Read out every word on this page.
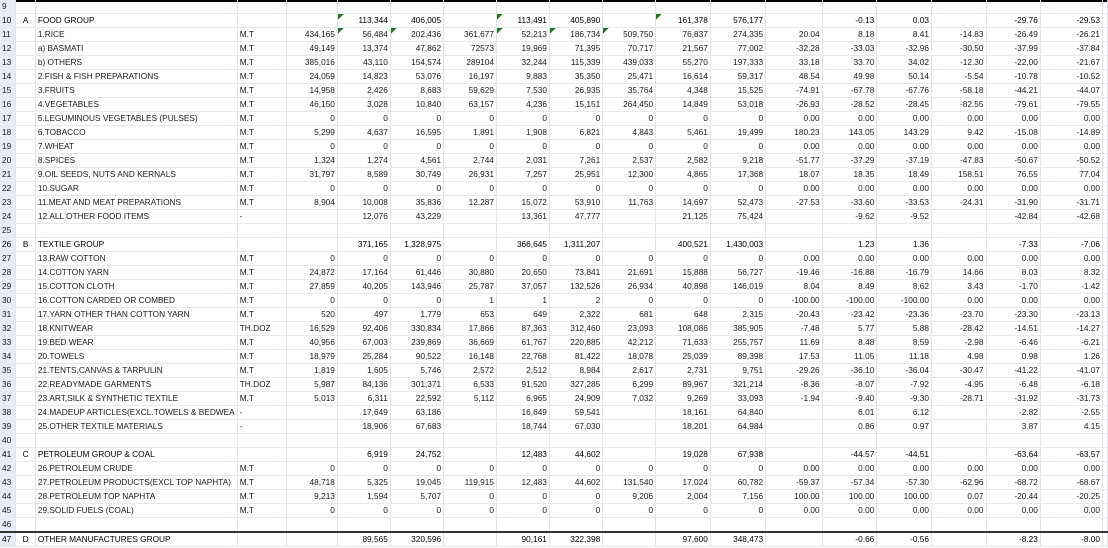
9																			
10	A	FOOD GROUP			113,344	406,005		113,491	405,890		161,378	576,177		-0.13	0.03		-29.76	-29.53	
11		1.RICE	M.T	434,165	56,484	202,436	361,677	52,213	186,734	509,750	76,837	274,335	20.04	8.18	8.41	-14.83	-26.49	-26.21	
12		a) BASMATI	M.T	49,149	13,374	47,862	72573	19,969	71,395	70,717	21,567	77,002	-32.28	-33.03	-32.96	-30.50	-37.99	-37.84	
13		b) OTHERS	M.T	385,016	43,110	154,574	289104	32,244	115,339	439,033	55,270	197,333	33.18	33.70	34.02	-12.30	-22.00	-21.67	
14		2.FISH & FISH PREPARATIONS	M.T	24,059	14,823	53,076	16,197	9,883	35,350	25,471	16,614	59,317	48.54	49.98	50.14	-5.54	-10.78	-10.52	
15		3.FRUITS	M.T	14,958	2,426	8,683	59,629	7,530	26,935	35,764	4,348	15,525	-74.91	-67.78	-67.76	-58.18	-44.21	-44.07	
16		4.VEGETABLES	M.T	46,150	3,028	10,840	63,157	4,236	15,151	264,450	14,849	53,018	-26.93	-28.52	-28.45	-82.55	-79.61	-79.55	
17		5.LEGUMINOUS VEGETABLES (PULSES)	M.T	0	0	0	0	0	0	0	0	0	0.00	0.00	0.00	0.00	0.00	0.00	
18		6.TOBACCO	M.T	5,299	4,637	16,595	1,891	1,908	6,821	4,843	5,461	19,499	180.23	143.05	143.29	9.42	-15.08	-14.89	
19		7.WHEAT	M.T	0	0	0	0	0	0	0	0	0	0.00	0.00	0.00	0.00	0.00	0.00	
20		8.SPICES	M.T	1,324	1,274	4,561	2,744	2,031	7,261	2,537	2,582	9,218	-51.77	-37.29	-37.19	-47.83	-50.67	-50.52	
21		9.OIL SEEDS, NUTS AND KERNALS	M.T	31,797	8,589	30,749	26,931	7,257	25,951	12,300	4,865	17,368	18.07	18.35	18.49	158.51	76.55	77.04	
22		10.SUGAR	M.T	0	0	0	0	0	0	0	0	0	0.00	0.00	0.00	0.00	0.00	0.00	
23		11.MEAT AND MEAT PREPARATIONS	M.T	8,904	10,008	35,836	12,287	15,072	53,910	11,763	14,697	52,473	-27.53	-33.60	-33.53	-24.31	-31.90	-31.71	
24		12.ALL OTHER FOOD ITEMS	-		12,076	43,229		13,361	47,777		21,125	75,424		-9.62	-9.52		-42.84	-42.68	
25																			
26	B	TEXTILE GROUP			371,165	1,328,975		366,645	1,311,207		400,521	1,430,003		1.23	1.36		-7.33	-7.06	
27		13.RAW COTTON	M.T	0	0	0	0	0	0	0	0	0	0.00	0.00	0.00	0.00	0.00	0.00	
28		14.COTTON YARN	M.T	24,872	17,164	61,446	30,880	20,650	73,841	21,691	15,888	56,727	-19.46	-16.88	-16.79	14.66	8.03	8.32	
29		15.COTTON CLOTH	M.T	27,859	40,205	143,946	25,787	37,057	132,526	26,934	40,898	146,019	8.04	8.49	8.62	3.43	-1.70	-1.42	
30		16.COTTON CARDED OR COMBED	M.T	0	0	0	1	1	2	0	0	0	-100.00	-100.00	-100.00	0.00	0.00	0.00	
31		17.YARN OTHER THAN COTTON YARN	M.T	520	497	1,779	653	649	2,322	681	648	2,315	-20.43	-23.42	-23.36	-23.70	-23.30	-23.13	
32		18.KNITWEAR	TH.DOZ	16,529	92,406	330,834	17,866	87,363	312,460	23,093	108,086	385,905	-7.48	5.77	5.88	-28.42	-14.51	-14.27	
33		19.BED WEAR	M.T	40,956	67,003	239,869	36,669	61,767	220,885	42,212	71,633	255,757	11.69	8.48	8.59	-2.98	-6.46	-6.21	
34		20.TOWELS	M.T	18,979	25,284	90,522	16,148	22,768	81,422	18,078	25,039	89,398	17.53	11.05	11.18	4.98	0.98	1.26	
35		21.TENTS,CANVAS & TARPULIN	M.T	1,819	1,605	5,746	2,572	2,512	8,984	2,617	2,731	9,751	-29.26	-36.10	-36.04	-30.47	-41.22	-41.07	
36		22.READYMADE GARMENTS	TH.DOZ	5,987	84,136	301,371	6,533	91,520	327,285	6,299	89,967	321,214	-8.36	-8.07	-7.92	-4.95	-6.48	-6.18	
37		23.ART,SILK & SYNTHETIC TEXTILE	M.T	5,013	6,311	22,592	5,112	6,965	24,909	7,032	9,269	33,093	-1.94	-9.40	-9.30	-28.71	-31.92	-31.73	
38		24.MADEUP ARTICLES(EXCL.TOWELS & BEDWEA	-		17,649	63,186		16,649	59,541		18,161	64,840		6.01	6.12		-2.82	-2.55	
39		25.OTHER TEXTILE MATERIALS	-		18,906	67,683		18,744	67,030		18,201	64,984		0.86	0.97		3.87	4.15	
40																			
41	C	PETROLEUM GROUP & COAL			6,919	24,752		12,483	44,602		19,028	67,938		-44.57	-44.51		-63.64	-63.57	
42		26.PETROLEUM CRUDE	M.T	0	0	0	0	0	0	0	0	0	0.00	0.00	0.00	0.00	0.00	0.00	
43		27.PETROLEUM PRODUCTS(EXCL TOP NAPHTA)	M.T	48,718	5,325	19,045	119,915	12,483	44,602	131,540	17,024	60,782	-59.37	-57.34	-57.30	-62.96	-68.72	-68.67	
44		28.PETROLEUM TOP NAPHTA	M.T	9,213	1,594	5,707	0	0	0	9,206	2,004	7,156	100.00	100.00	100.00	0.07	-20.44	-20.25	
45		29.SOLID FUELS (COAL)	M.T	0	0	0	0	0	0	0	0	0	0.00	0.00	0.00	0.00	0.00	0.00	
46																			
47	D	OTHER MANUFACTURES GROUP			89,565	320,596		90,161	322,398		97,600	348,473		-0.66	-0.56		-8.23	-8.00	
